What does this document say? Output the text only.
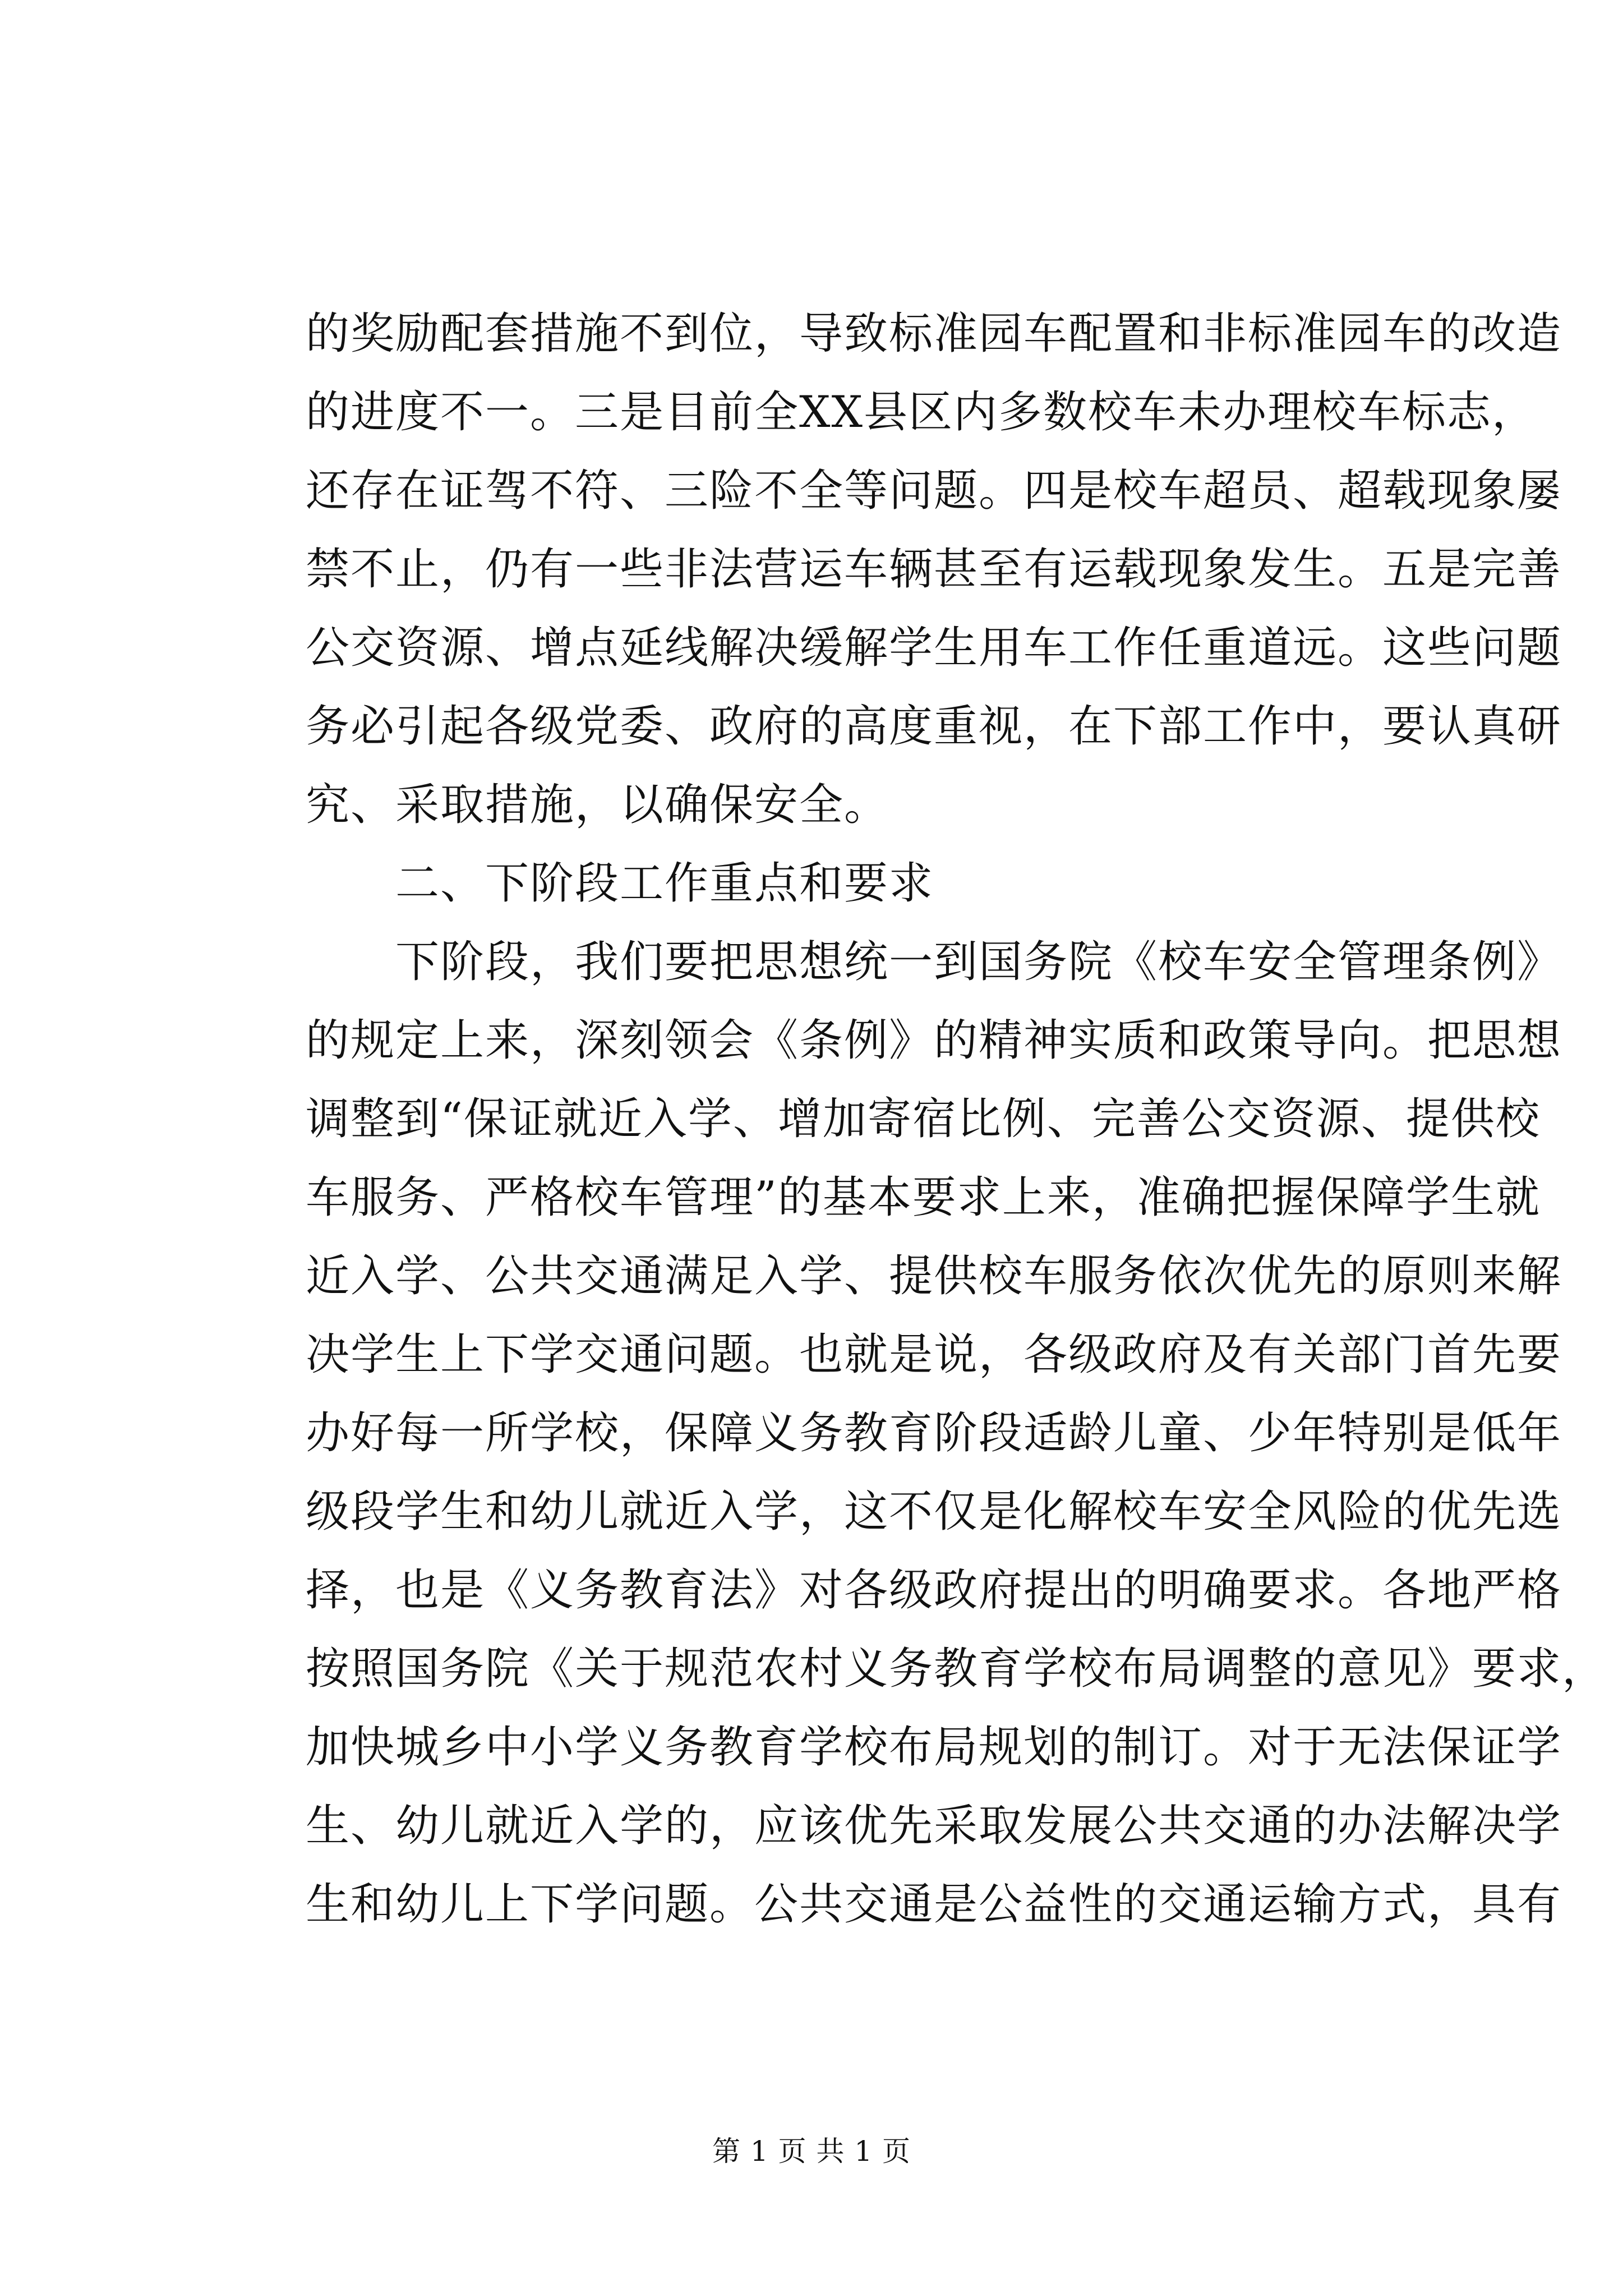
的奖励配套措施不到位，导致标准园车配置和非标准园车的改造
的进度不一。三是目前全XX县区内多数校车未办理校车标志，
还存在证驾不符、三险不全等问题。四是校车超员、超载现象屡
禁不止，仍有一些非法营运车辆甚至有运载现象发生。五是完善
公交资源、增点延线解决缓解学生用车工作任重道远。这些问题
务必引起各级党委、政府的高度重视，在下部工作中，要认真研
究、采取措施，以确保安全。
　　二、下阶段工作重点和要求
　　下阶段，我们要把思想统一到国务院《校车安全管理条例》
的规定上来，深刻领会《条例》的精神实质和政策导向。把思想
调整到“保证就近入学、增加寄宿比例、完善公交资源、提供校
车服务、严格校车管理”的基本要求上来，准确把握保障学生就
近入学、公共交通满足入学、提供校车服务依次优先的原则来解
决学生上下学交通问题。也就是说，各级政府及有关部门首先要
办好每一所学校，保障义务教育阶段适龄儿童、少年特别是低年
级段学生和幼儿就近入学，这不仅是化解校车安全风险的优先选
择，也是《义务教育法》对各级政府提出的明确要求。各地严格
按照国务院《关于规范农村义务教育学校布局调整的意见》要求，
加快城乡中小学义务教育学校布局规划的制订。对于无法保证学
生、幼儿就近入学的，应该优先采取发展公共交通的办法解决学
生和幼儿上下学问题。公共交通是公益性的交通运输方式，具有
第 1 页 共 1 页
